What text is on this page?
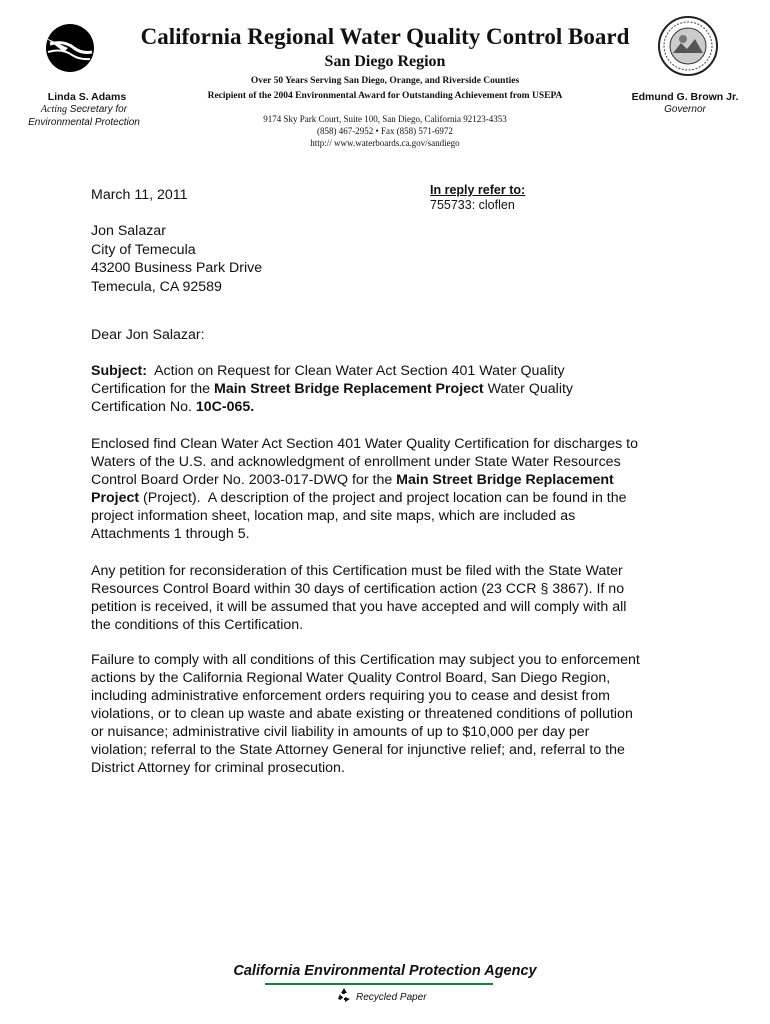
California Regional Water Quality Control Board
San Diego Region
Over 50 Years Serving San Diego, Orange, and Riverside Counties
Recipient of the 2004 Environmental Award for Outstanding Achievement from USEPA
9174 Sky Park Court, Suite 100, San Diego, California 92123-4353
(858) 467-2952 • Fax (858) 571-6972
http:// www.waterboards.ca.gov/sandiego
Linda S. Adams
Acting Secretary for
Environmental Protection
Edmund G. Brown Jr.
Governor
March 11, 2011	In reply refer to:
755733: cloflen
Jon Salazar
City of Temecula
43200 Business Park Drive
Temecula, CA 92589
Dear Jon Salazar:
Subject:  Action on Request for Clean Water Act Section 401 Water Quality
Certification for the Main Street Bridge Replacement Project Water Quality
Certification No. 10C-065.
Enclosed find Clean Water Act Section 401 Water Quality Certification for discharges to
Waters of the U.S. and acknowledgment of enrollment under State Water Resources
Control Board Order No. 2003-017-DWQ for the Main Street Bridge Replacement
Project (Project).  A description of the project and project location can be found in the
project information sheet, location map, and site maps, which are included as
Attachments 1 through 5.
Any petition for reconsideration of this Certification must be filed with the State Water
Resources Control Board within 30 days of certification action (23 CCR § 3867). If no
petition is received, it will be assumed that you have accepted and will comply with all
the conditions of this Certification.
Failure to comply with all conditions of this Certification may subject you to enforcement
actions by the California Regional Water Quality Control Board, San Diego Region,
including administrative enforcement orders requiring you to cease and desist from
violations, or to clean up waste and abate existing or threatened conditions of pollution
or nuisance; administrative civil liability in amounts of up to $10,000 per day per
violation; referral to the State Attorney General for injunctive relief; and, referral to the
District Attorney for criminal prosecution.
California Environmental Protection Agency
Recycled Paper
